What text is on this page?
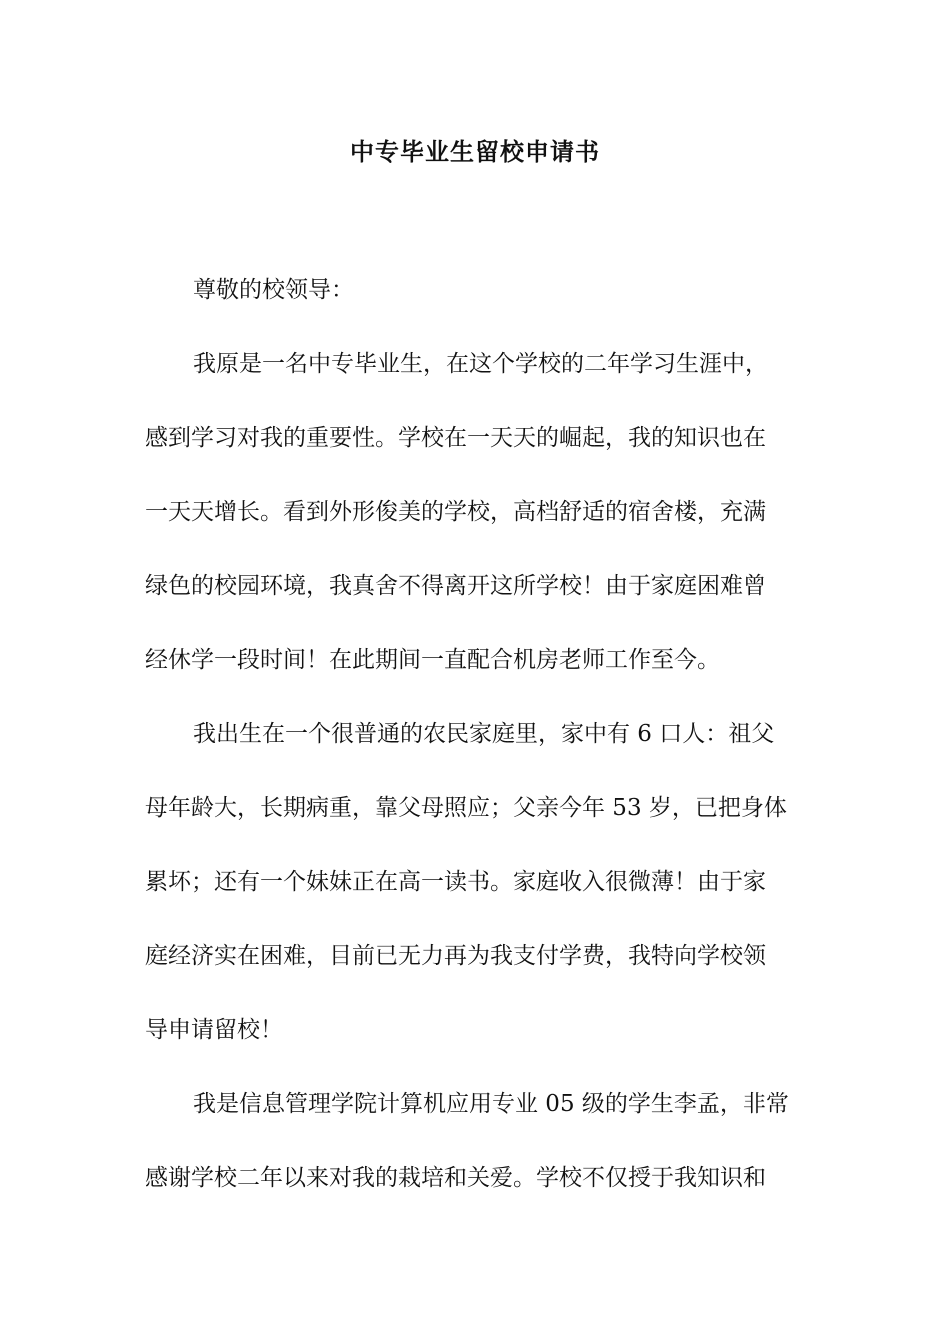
中专毕业生留校申请书
尊敬的校领导：
我原是一名中专毕业生，在这个学校的二年学习生涯中，
感到学习对我的重要性。学校在一天天的崛起，我的知识也在
一天天增长。看到外形俊美的学校，高档舒适的宿舍楼，充满
绿色的校园环境，我真舍不得离开这所学校！由于家庭困难曾
经休学一段时间！在此期间一直配合机房老师工作至今。
我出生在一个很普通的农民家庭里，家中有 6 口人：祖父
母年龄大，长期病重，靠父母照应；父亲今年 53 岁，已把身体
累坏；还有一个妹妹正在高一读书。家庭收入很微薄！由于家
庭经济实在困难，目前已无力再为我支付学费，我特向学校领
导申请留校！
我是信息管理学院计算机应用专业 05 级的学生李孟，非常
感谢学校二年以来对我的栽培和关爱。学校不仅授于我知识和
